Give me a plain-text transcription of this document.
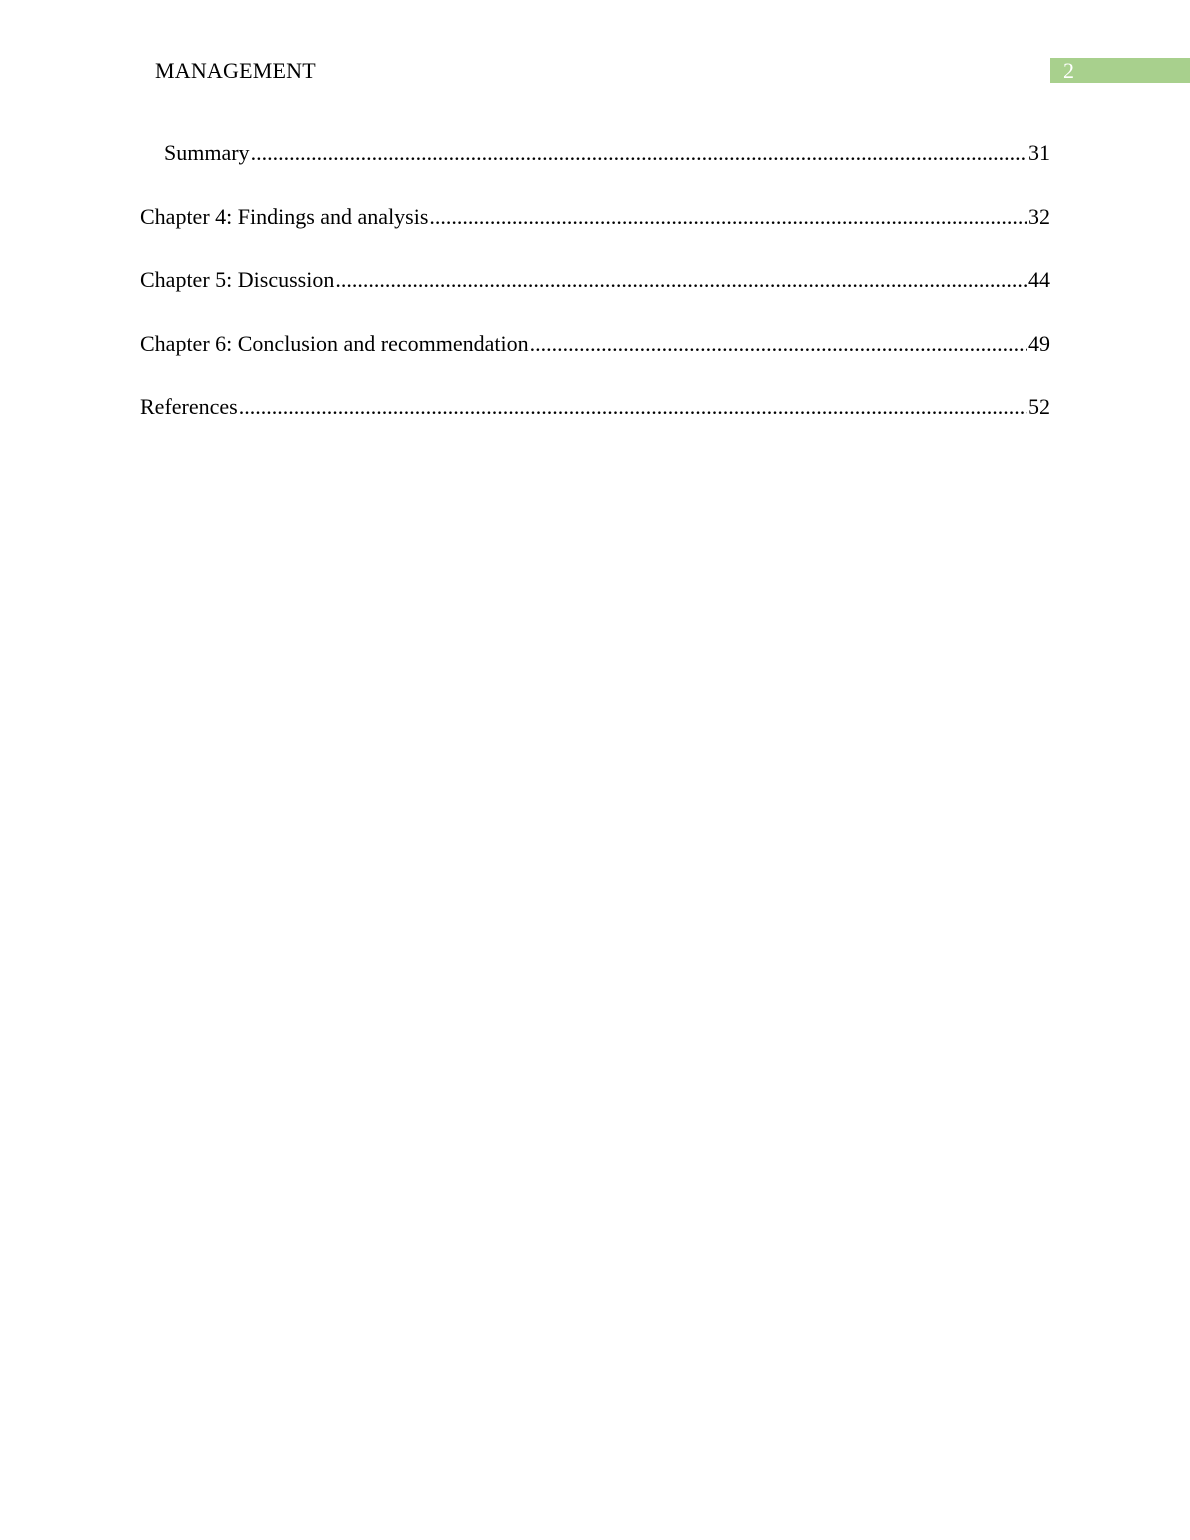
MANAGEMENT	2
Summary .....	31
Chapter 4: Findings and analysis .....	32
Chapter 5: Discussion .....	44
Chapter 6: Conclusion and recommendation .....	49
References .....	52
